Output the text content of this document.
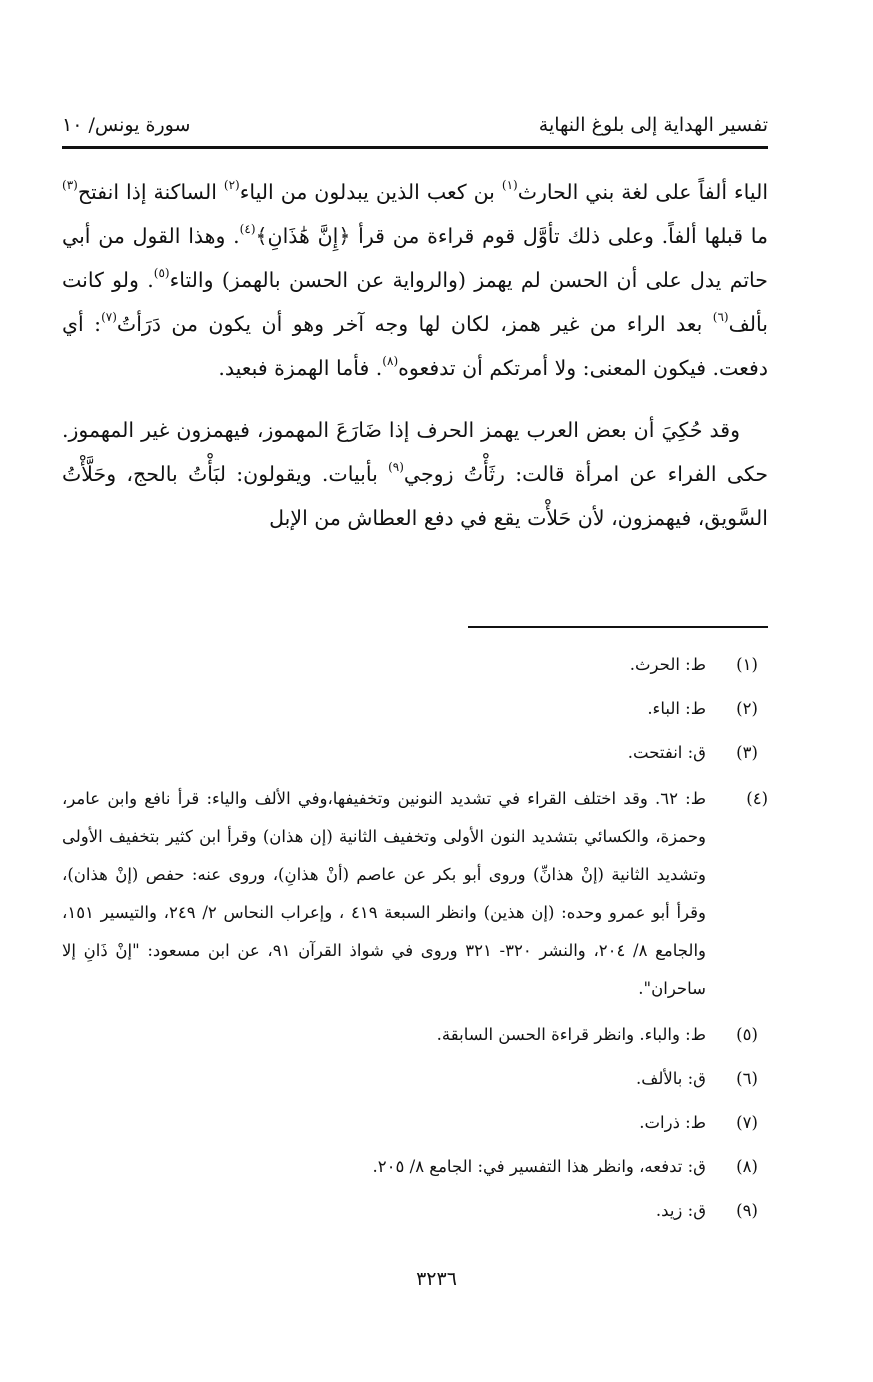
تفسير الهداية إلى بلوغ النهاية
سورة يونس/ ١٠

الياء ألفاً على لغة بني الحارث$^{(١)}$ بن كعب الذين يبدلون من الياء$^{(٢)}$ الساكنة إذا انفتح$^{(٣)}$ ما قبلها ألفاً. وعلى ذلك تأوَّل قوم قراءة من قرأ ﴿إِنَّ هَٰذَانِ﴾$^{(٤)}$. وهذا القول من أبي حاتم يدل على أن الحسن لم يهمز (والرواية عن الحسن بالهمز) والتاء$^{(٥)}$. ولو كانت بألف$^{(٦)}$ بعد الراء من غير همز، لكان لها وجه آخر وهو أن يكون من دَرَأتُ$^{(٧)}$: أي دفعت. فيكون المعنى: ولا أمرتكم أن تدفعوه$^{(٨)}$. فأما الهمزة فبعيد.

وقد حُكِيَ أن بعض العرب يهمز الحرف إذا ضَارَعَ المهموز، فيهمزون غير المهموز. حكى الفراء عن امرأة قالت: رثَأْتُ زوجي$^{(٩)}$ بأبيات. ويقولون: لبَأْتُ بالحج، وحَلَّأْتُ السَّويق، فيهمزون، لأن حَلأْت يقع في دفع العطاش من الإبل

(١)
ط: الحرث.
(٢)
ط: الباء.
(٣)
ق: انفتحت.
(٤)
ط: ٦٢. وقد اختلف القراء في تشديد النونين وتخفيفها،وفي الألف والياء: قرأ نافع وابن عامر، وحمزة، والكسائي بتشديد النون الأولى وتخفيف الثانية (إن هذان) وقرأ ابن كثير بتخفيف الأولى وتشديد الثانية (إنْ هذانِّ) وروى أبو بكر عن عاصم (أنْ هذانِ)، وروى عنه: حفص (إنْ هذان)، وقرأ أبو عمرو وحده: (إن هذين) وانظر السبعة ٤١٩ ، وإعراب النحاس ٢/ ٢٤٩، والتيسير ١٥١، والجامع ٨/ ٢٠٤، والنشر ٣٢٠- ٣٢١ وروى في شواذ القرآن ٩١، عن ابن مسعود: "إنْ ذَانِ إلا ساحران".
(٥)
ط: والباء. وانظر قراءة الحسن السابقة.
(٦)
ق: بالألف.
(٧)
ط: ذرات.
(٨)
ق: تدفعه، وانظر هذا التفسير في: الجامع ٨/ ٢٠٥.
(٩)
ق: زيد.
٣٢٣٦
